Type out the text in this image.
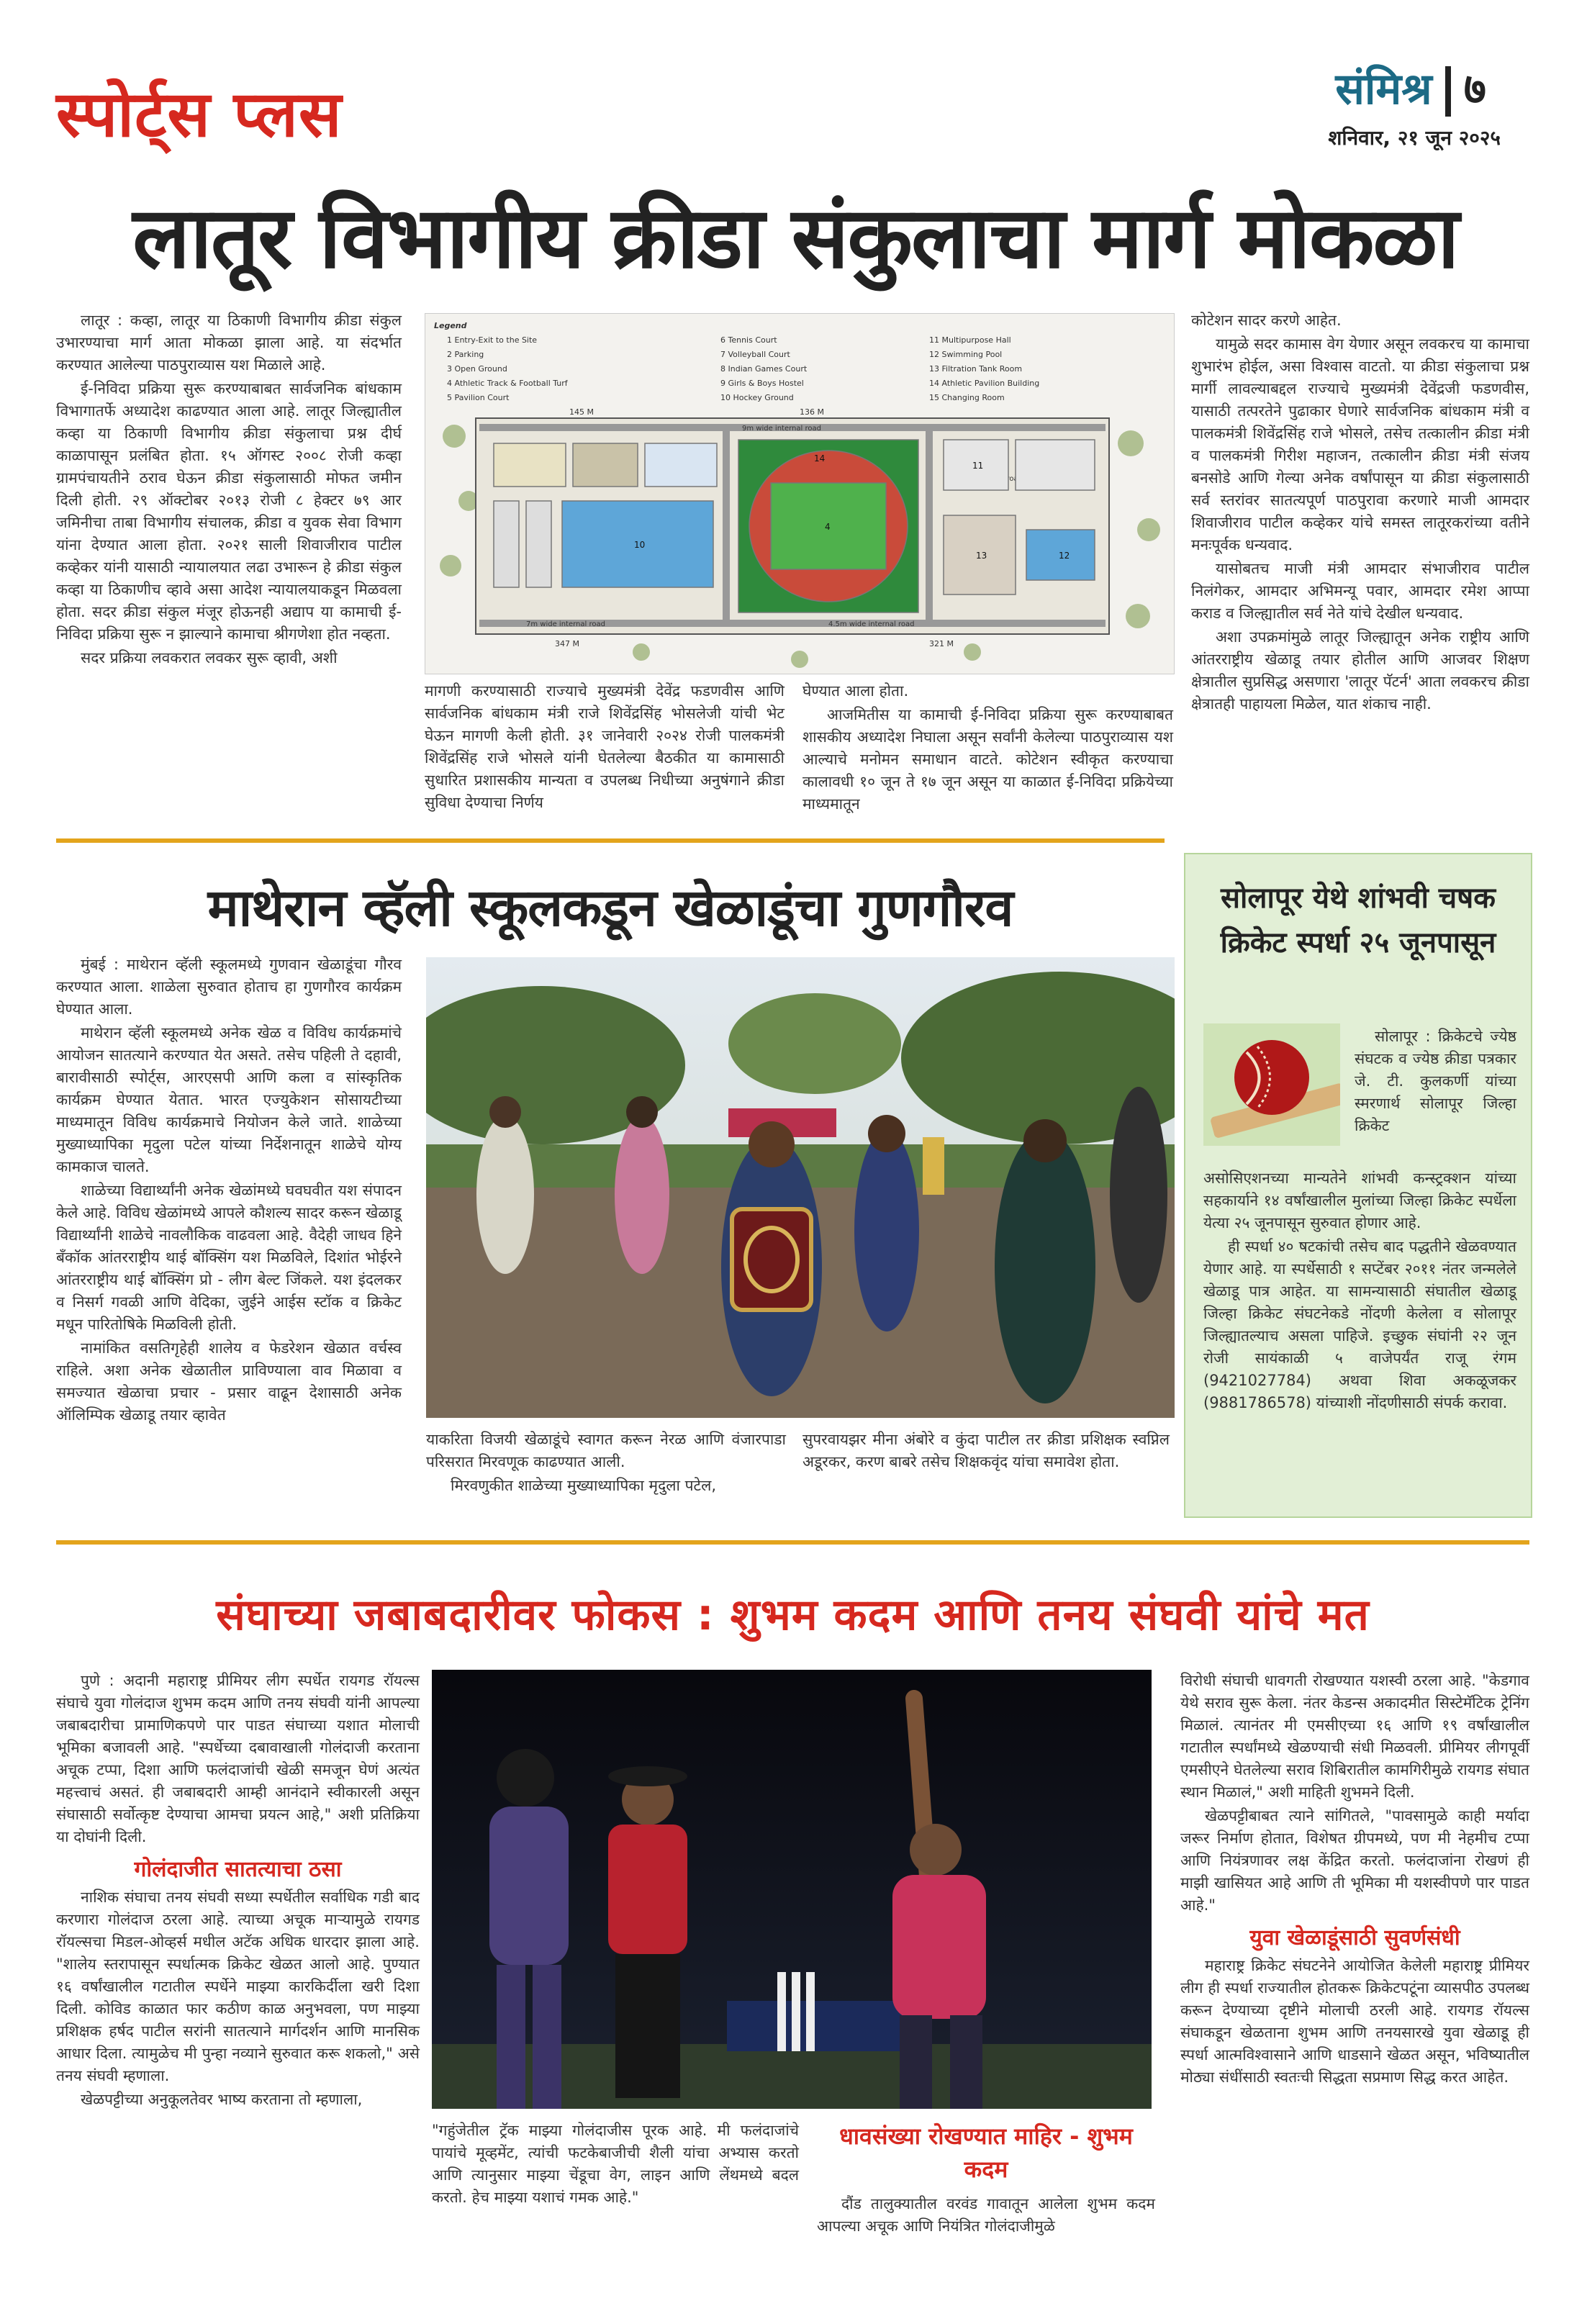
स्पोर्ट्स प्लस	संमिश्र ७
शनिवार, २१ जून २०२५
लातूर विभागीय क्रीडा संकुलाचा मार्ग मोकळा

लातूर : कव्हा, लातूर या ठिकाणी विभागीय क्रीडा संकुल उभारण्याचा मार्ग आता मोकळा झाला आहे. या संदर्भात करण्यात आलेल्या पाठपुराव्यास यश मिळाले आहे.

ई-निविदा प्रक्रिया सुरू करण्याबाबत सार्वजनिक बांधकाम विभागातर्फे अध्यादेश काढण्यात आला आहे. लातूर जिल्ह्यातील कव्हा या ठिकाणी विभागीय क्रीडा संकुलाचा प्रश्न दीर्घ काळापासून प्रलंबित होता. १५ ऑगस्ट २००८ रोजी कव्हा ग्रामपंचायतीने ठराव घेऊन क्रीडा संकुलासाठी मोफत जमीन दिली होती. २९ ऑक्टोबर २०१३ रोजी ८ हेक्टर ७९ आर जमिनीचा ताबा विभागीय संचालक, क्रीडा व युवक सेवा विभाग यांना देण्यात आला होता. २०२१ साली शिवाजीराव पाटील कव्हेकर यांनी यासाठी न्यायालयात लढा उभारून हे क्रीडा संकुल कव्हा या ठिकाणीच व्हावे असा आदेश न्यायालयाकडून मिळवला होता. सदर क्रीडा संकुल मंजूर होऊनही अद्याप या कामाची ई-निविदा प्रक्रिया सुरू न झाल्याने कामाचा श्रीगणेशा होत नव्हता.

सदर प्रक्रिया लवकरात लवकर सुरू व्हावी, अशी

Legend
1 Entry-Exit to the Site
2 Parking
3 Open Ground
4 Athletic Track & Football Turf
5 Pavilion Court
6 Tennis Court
7 Volleyball Court
8 Indian Games Court
9 Girls & Boys Hostel
10 Hockey Ground
11 Multipurpose Hall
12 Swimming Pool
13 Filtration Tank Room
14 Athletic Pavilion Building
15 Changing Room
145 M	136 M
347 M	321 M
9m wide internal road
road
4.5m wide internal road
7m wide internal road
10
4
12
13
14
11

मागणी करण्यासाठी राज्याचे मुख्यमंत्री देवेंद्र फडणवीस आणि सार्वजनिक बांधकाम मंत्री राजे शिवेंद्रसिंह भोसलेजी यांची भेट घेऊन मागणी केली होती. ३१ जानेवारी २०२४ रोजी पालकमंत्री शिवेंद्रसिंह राजे भोसले यांनी घेतलेल्या बैठकीत या कामासाठी सुधारित प्रशासकीय मान्यता व उपलब्ध निधीच्या अनुषंगाने क्रीडा सुविधा देण्याचा निर्णय

घेण्यात आला होता.

आजमितीस या कामाची ई-निविदा प्रक्रिया सुरू करण्याबाबत शासकीय अध्यादेश निघाला असून सर्वांनी केलेल्या पाठपुराव्यास यश आल्याचे मनोमन समाधान वाटते. कोटेशन स्वीकृत करण्याचा कालावधी १० जून ते १७ जून असून या काळात ई-निविदा प्रक्रियेच्या माध्यमातून

कोटेशन सादर करणे आहेत.

यामुळे सदर कामास वेग येणार असून लवकरच या कामाचा शुभारंभ होईल, असा विश्वास वाटतो. या क्रीडा संकुलाचा प्रश्न मार्गी लावल्याबद्दल राज्याचे मुख्यमंत्री देवेंद्रजी फडणवीस, यासाठी तत्परतेने पुढाकार घेणारे सार्वजनिक बांधकाम मंत्री व पालकमंत्री शिवेंद्रसिंह राजे भोसले, तसेच तत्कालीन क्रीडा मंत्री व पालकमंत्री गिरीश महाजन, तत्कालीन क्रीडा मंत्री संजय बनसोडे आणि गेल्या अनेक वर्षांपासून या क्रीडा संकुलासाठी सर्व स्तरांवर सातत्यपूर्ण पाठपुरावा करणारे माजी आमदार शिवाजीराव पाटील कव्हेकर यांचे समस्त लातूरकरांच्या वतीने मनःपूर्वक धन्यवाद.

यासोबतच माजी मंत्री आमदार संभाजीराव पाटील निलंगेकर, आमदार अभिमन्यू पवार, आमदार रमेश आप्पा कराड व जिल्ह्यातील सर्व नेते यांचे देखील धन्यवाद.

अशा उपक्रमांमुळे लातूर जिल्ह्यातून अनेक राष्ट्रीय आणि आंतरराष्ट्रीय खेळाडू तयार होतील आणि आजवर शिक्षण क्षेत्रातील सुप्रसिद्ध असणारा 'लातूर पॅटर्न' आता लवकरच क्रीडा क्षेत्रातही पाहायला मिळेल, यात शंकाच नाही.

माथेरान व्हॅली स्कूलकडून खेळाडूंचा गुणगौरव

मुंबई : माथेरान व्हॅली स्कूलमध्ये गुणवान खेळाडूंचा गौरव करण्यात आला. शाळेला सुरुवात होताच हा गुणगौरव कार्यक्रम घेण्यात आला.

माथेरान व्हॅली स्कूलमध्ये अनेक खेळ व विविध कार्यक्रमांचे आयोजन सातत्याने करण्यात येत असते. तसेच पहिली ते दहावी, बारावीसाठी स्पोर्ट्स, आरएसपी आणि कला व सांस्कृतिक कार्यक्रम घेण्यात येतात. भारत एज्युकेशन सोसायटीच्या माध्यमातून विविध कार्यक्रमाचे नियोजन केले जाते. शाळेच्या मुख्याध्यापिका मृदुला पटेल यांच्या निर्देशनातून शाळेचे योग्य कामकाज चालते.

शाळेच्या विद्यार्थ्यांनी अनेक खेळांमध्ये घवघवीत यश संपादन केले आहे. विविध खेळांमध्ये आपले कौशल्य सादर करून खेळाडू विद्यार्थ्यांनी शाळेचे नावलौकिक वाढवला आहे. वैदेही जाधव हिने बँकॉक आंतरराष्ट्रीय थाई बॉक्सिंग यश मिळविले, दिशांत भोईरने आंतरराष्ट्रीय थाई बॉक्सिंग प्रो - लीग बेल्ट जिंकले. यश इंदलकर व निसर्ग गवळी आणि वेदिका, जुईने आईस स्टॉक व क्रिकेट मधून पारितोषिके मिळविली होती.

नामांकित वसतिगृहेही शालेय व फेडरेशन खेळात वर्चस्व राहिले. अशा अनेक खेळातील प्राविण्याला वाव मिळावा व समज्यात खेळाचा प्रचार - प्रसार वाढून देशासाठी अनेक ऑलिम्पिक खेळाडू तयार व्हावेत

याकरिता विजयी खेळाडूंचे स्वागत करून नेरळ आणि वंजारपाडा परिसरात मिरवणूक काढण्यात आली.

मिरवणुकीत शाळेच्या मुख्याध्यापिका मृदुला पटेल,

सुपरवायझर मीना अंबोरे व कुंदा पाटील तर क्रीडा प्रशिक्षक स्वप्निल अडूरकर, करण बाबरे तसेच शिक्षकवृंद यांचा समावेश होता.

सोलापूर येथे शांभवी चषक क्रिकेट स्पर्धा २५ जूनपासून

सोलापूर : क्रिकेटचे ज्येष्ठ संघटक व ज्येष्ठ क्रीडा पत्रकार जे. टी. कुलकर्णी यांच्या स्मरणार्थ सोलापूर जिल्हा क्रिकेट

असोसिएशनच्या मान्यतेने शांभवी कन्स्ट्रक्शन यांच्या सहकार्याने १४ वर्षांखालील मुलांच्या जिल्हा क्रिकेट स्पर्धेला येत्या २५ जूनपासून सुरुवात होणार आहे.

ही स्पर्धा ४० षटकांची तसेच बाद पद्धतीने खेळवण्यात येणार आहे. या स्पर्धेसाठी १ सप्टेंबर २०११ नंतर जन्मलेले खेळाडू पात्र आहेत. या सामन्यासाठी संघातील खेळाडू जिल्हा क्रिकेट संघटनेकडे नोंदणी केलेला व सोलापूर जिल्ह्यातल्याच असला पाहिजे. इच्छुक संघांनी २२ जून रोजी सायंकाळी ५ वाजेपर्यंत राजू रंगम (9421027784) अथवा शिवा अकळूजकर (9881786578) यांच्याशी नोंदणीसाठी संपर्क करावा.

संघाच्या जबाबदारीवर फोकस : शुभम कदम आणि तनय संघवी यांचे मत

पुणे : अदानी महाराष्ट्र प्रीमियर लीग स्पर्धेत रायगड रॉयल्स संघाचे युवा गोलंदाज शुभम कदम आणि तनय संघवी यांनी आपल्या जबाबदारीचा प्रामाणिकपणे पार पाडत संघाच्या यशात मोलाची भूमिका बजावली आहे. "स्पर्धेच्या दबावाखाली गोलंदाजी करताना अचूक टप्पा, दिशा आणि फलंदाजांची खेळी समजून घेणं अत्यंत महत्त्वाचं असतं. ही जबाबदारी आम्ही आनंदाने स्वीकारली असून संघासाठी सर्वोत्कृष्ट देण्याचा आमचा प्रयत्न आहे," अशी प्रतिक्रिया या दोघांनी दिली.

गोलंदाजीत सातत्याचा ठसा

नाशिक संघाचा तनय संघवी सध्या स्पर्धेतील सर्वाधिक गडी बाद करणारा गोलंदाज ठरला आहे. त्याच्या अचूक माऱ्यामुळे रायगड रॉयल्सचा मिडल-ओव्हर्स मधील अटॅक अधिक धारदार झाला आहे. "शालेय स्तरापासून स्पर्धात्मक क्रिकेट खेळत आलो आहे. पुण्यात १६ वर्षांखालील गटातील स्पर्धेने माझ्या कारकिर्दीला खरी दिशा दिली. कोविड काळात फार कठीण काळ अनुभवला, पण माझ्या प्रशिक्षक हर्षद पाटील सरांनी सातत्याने मार्गदर्शन आणि मानसिक आधार दिला. त्यामुळेच मी पुन्हा नव्याने सुरुवात करू शकलो," असे तनय संघवी म्हणाला.

खेळपट्टीच्या अनुकूलतेवर भाष्य करताना तो म्हणाला,

"गहुंजेतील ट्रॅक माझ्या गोलंदाजीस पूरक आहे. मी फलंदाजांचे पायांचे मूव्हमेंट, त्यांची फटकेबाजीची शैली यांचा अभ्यास करतो आणि त्यानुसार माझ्या चेंडूचा वेग, लाइन आणि लेंथमध्ये बदल करतो. हेच माझ्या यशाचं गमक आहे."

धावसंख्या रोखण्यात माहिर - शुभम कदम

दौंड तालुक्यातील वरवंड गावातून आलेला शुभम कदम आपल्या अचूक आणि नियंत्रित गोलंदाजीमुळे

विरोधी संघाची धावगती रोखण्यात यशस्वी ठरला आहे. "केडगाव येथे सराव सुरू केला. नंतर केडन्स अकादमीत सिस्टेमॅटिक ट्रेनिंग मिळालं. त्यानंतर मी एमसीएच्या १६ आणि १९ वर्षांखालील गटातील स्पर्धांमध्ये खेळण्याची संधी मिळवली. प्रीमियर लीगपूर्वी एमसीएने घेतलेल्या सराव शिबिरातील कामगिरीमुळे रायगड संघात स्थान मिळालं," अशी माहिती शुभमने दिली.

खेळपट्टीबाबत त्याने सांगितले, "पावसामुळे काही मर्यादा जरूर निर्माण होतात, विशेषत ग्रीपमध्ये, पण मी नेहमीच टप्पा आणि नियंत्रणावर लक्ष केंद्रित करतो. फलंदाजांना रोखणं ही माझी खासियत आहे आणि ती भूमिका मी यशस्वीपणे पार पाडत आहे."

युवा खेळाडूंसाठी सुवर्णसंधी

महाराष्ट्र क्रिकेट संघटनेने आयोजित केलेली महाराष्ट्र प्रीमियर लीग ही स्पर्धा राज्यातील होतकरू क्रिकेटपटूंना व्यासपीठ उपलब्ध करून देण्याच्या दृष्टीने मोलाची ठरली आहे. रायगड रॉयल्स संघाकडून खेळताना शुभम आणि तनयसारखे युवा खेळाडू ही स्पर्धा आत्मविश्वासाने आणि धाडसाने खेळत असून, भविष्यातील मोठ्या संधींसाठी स्वतःची सिद्धता सप्रमाण सिद्ध करत आहेत.
